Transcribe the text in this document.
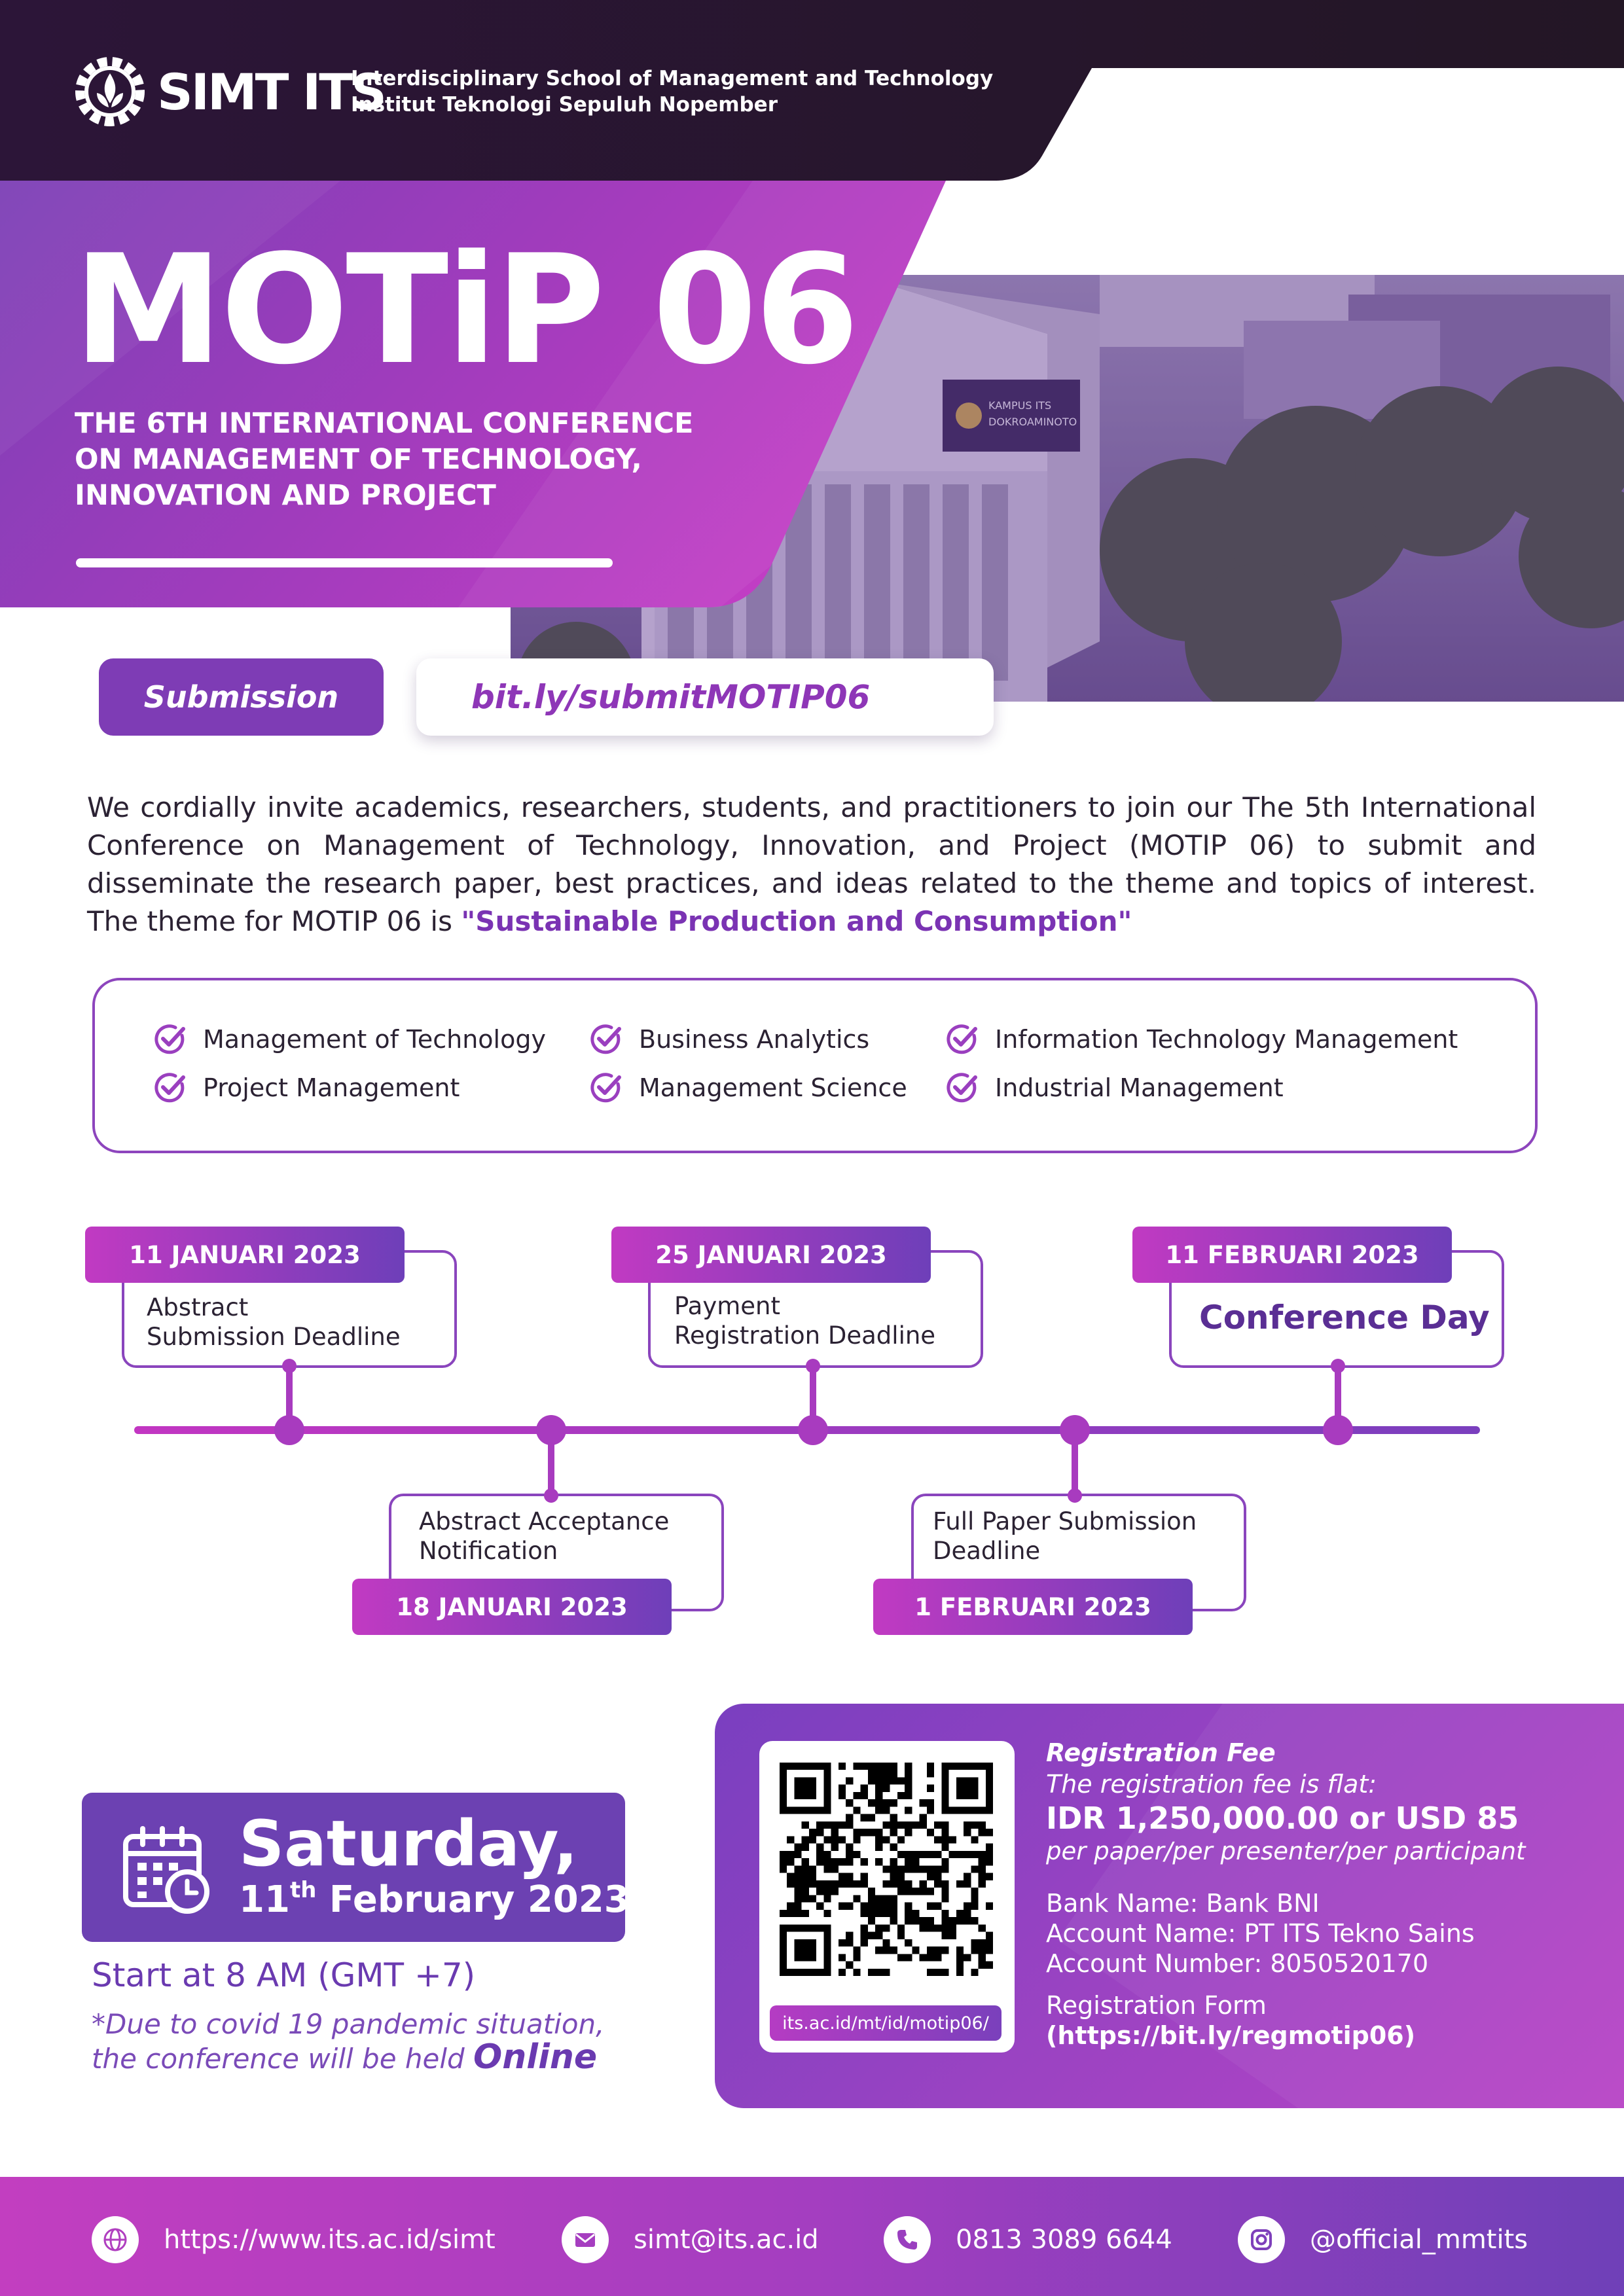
SIMT ITS
Interdisciplinary School of Management and Technology
Institut Teknologi Sepuluh Nopember
KAMPUS ITS
DOKROAMINOTO
MOTiP 06
THE 6TH INTERNATIONAL CONFERENCE
ON MANAGEMENT OF TECHNOLOGY,
INNOVATION AND PROJECT
Submission	bit.ly/submitMOTIP06

We cordially invite academics, researchers, students, and practitioners to join our The 5th International Conference on Management of Technology, Innovation, and Project (MOTIP 06) to submit and disseminate the research paper, best practices, and ideas related to the theme and topics of interest. The theme for MOTIP 06 is "Sustainable Production and Consumption"

Management of Technology	Business Analytics	Information Technology Management
Project Management	Management Science	Industrial Management
11 JANUARI 2023
Abstract
Submission Deadline
18 JANUARI 2023
Abstract Acceptance
Notification
25 JANUARI 2023
Payment
Registration Deadline
1 FEBRUARI 2023
Full Paper Submission
Deadline
11 FEBRUARI 2023
Conference Day
Saturday,
11th February 2023
Start at 8 AM (GMT +7)
*Due to covid 19 pandemic situation,
the conference will be held Online
its.ac.id/mt/id/motip06/
Registration Fee
The registration fee is flat:
IDR 1,250,000.00 or USD 85
per paper/per presenter/per participant
Bank Name: Bank BNI
Account Name: PT ITS Tekno Sains
Account Number: 8050520170
Registration Form
(https://bit.ly/regmotip06)
https://www.its.ac.id/simt	simt@its.ac.id	0813 3089 6644	@official_mmtits
